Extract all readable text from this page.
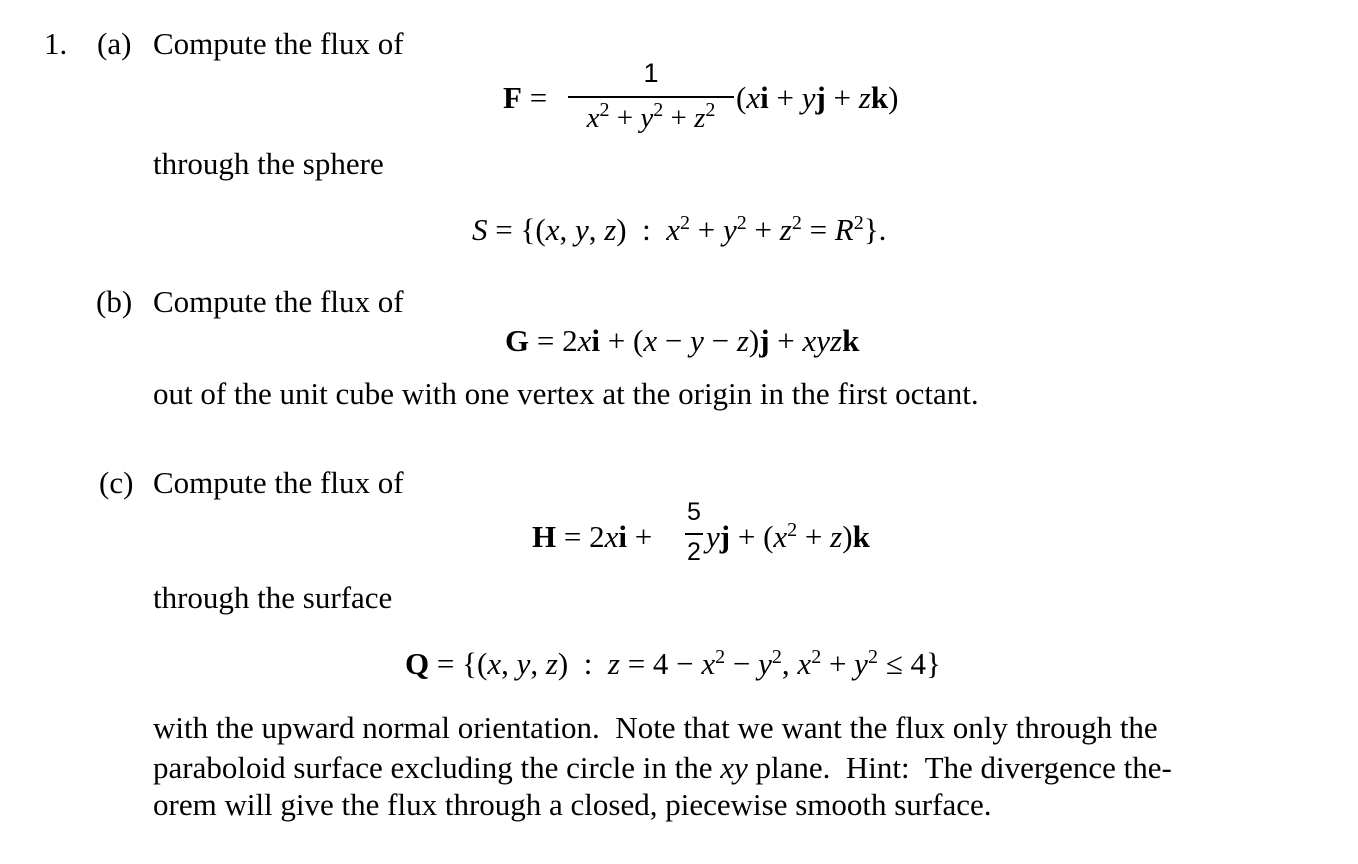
1. (a) Compute the flux of
F =
1
$x^2 + y^2 + z^2$ (xi + yj + zk)
through the sphere
S = {(x, y, z)  :  $x^2 + y^2 + z^2 = R^2$}.
(b) Compute the flux of
G = 2xi + (x − y − z)j + xyzk
out of the unit cube with one vertex at the origin in the first octant.
(c) Compute the flux of
H = 2xi +
5
2 yj + $(x^2 + z)k$
through the surface
Q = {(x, y, z)  :  $z = 4 - x^2 - y^2$, $x^2 + y^2 \le 4$}
with the upward normal orientation.  Note that we want the flux only through the
paraboloid surface excluding the circle in the xy plane.  Hint:  The divergence the-
orem will give the flux through a closed, piecewise smooth surface.
